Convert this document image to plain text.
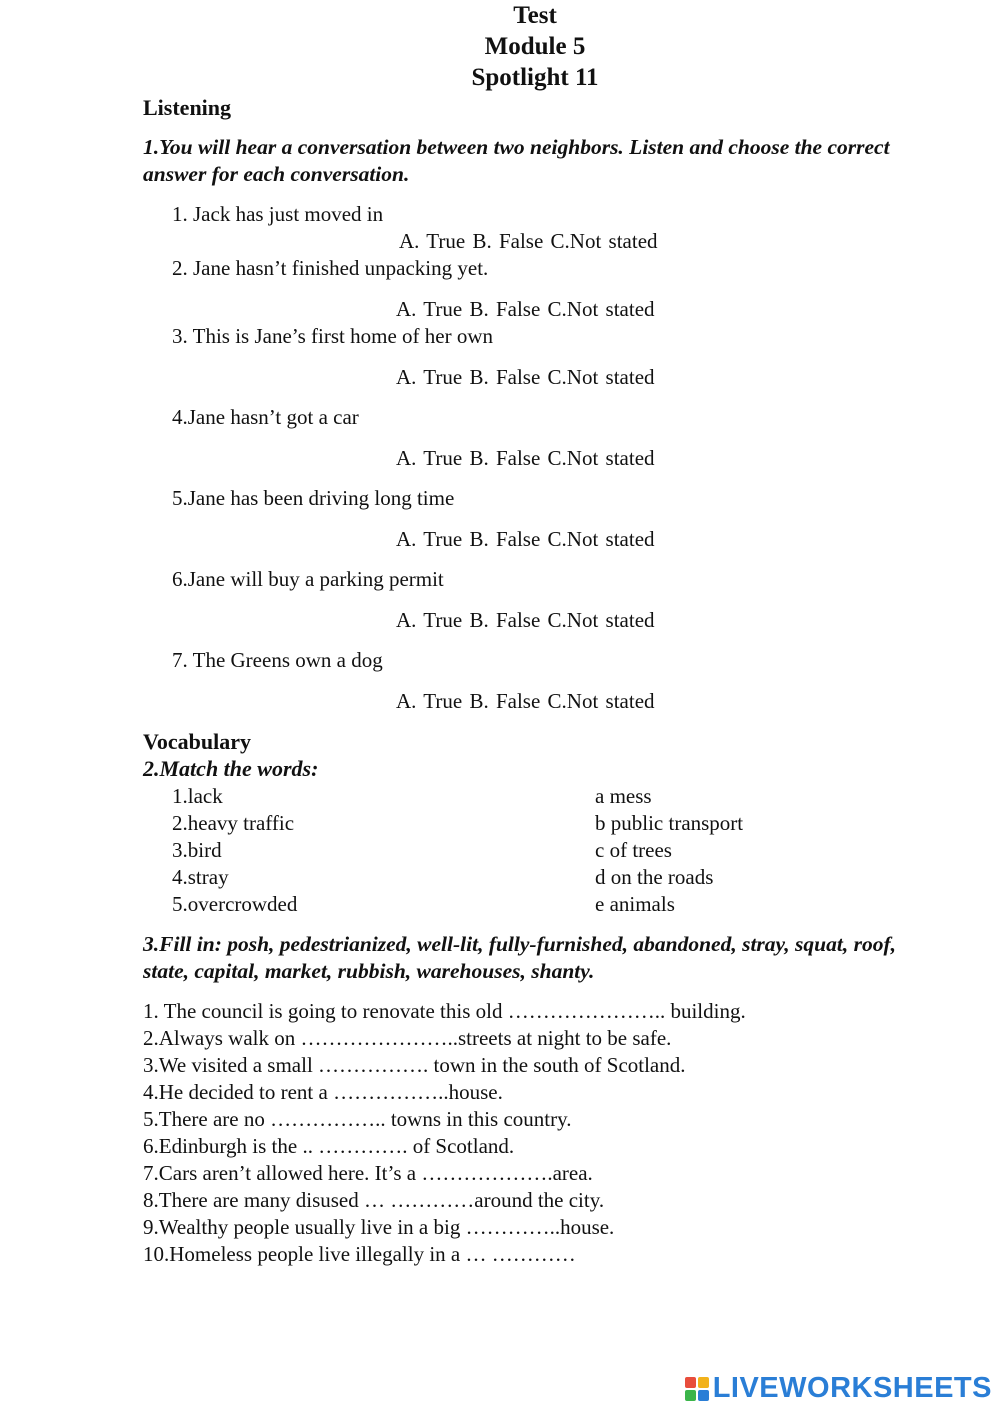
Test
Module 5
Spotlight 11
Listening
1.You will hear a conversation between two neighbors. Listen and choose the correct answer for each conversation.
1. Jack has just moved in
A. True B. False C.Not stated
2. Jane hasn’t finished unpacking yet.
A. True B. False C.Not stated
3. This is Jane’s first home of her own
A. True B. False C.Not stated
4.Jane hasn’t got a car
A. True B. False C.Not stated
5.Jane has been driving long time
A. True B. False C.Not stated
6.Jane will buy a parking permit
A. True B. False C.Not stated
7. The Greens own a dog
A. True B. False C.Not stated
Vocabulary
2.Match the words:
1.lack
2.heavy traffic
3.bird
4.stray
5.overcrowded
a mess
b public transport
c of trees
d on the roads
e animals
3.Fill in: posh, pedestrianized, well-lit, fully-furnished, abandoned, stray, squat, roof, state, capital, market, rubbish, warehouses, shanty.
1. The council is going to renovate this old ………………….. building.
2.Always walk on …………………..streets at night to be safe.
3.We visited a small ……………. town in the south of Scotland.
4.He decided to rent a ……………..house.
5.There are no …………….. towns in this country.
6.Edinburgh is the .. …………. of Scotland.
7.Cars aren’t allowed here. It’s a ……………….area.
8.There are many disused … …………around the city.
9.Wealthy people usually live in a big …………..house.
10.Homeless people live illegally in a … …………
LIVEWORKSHEETS
